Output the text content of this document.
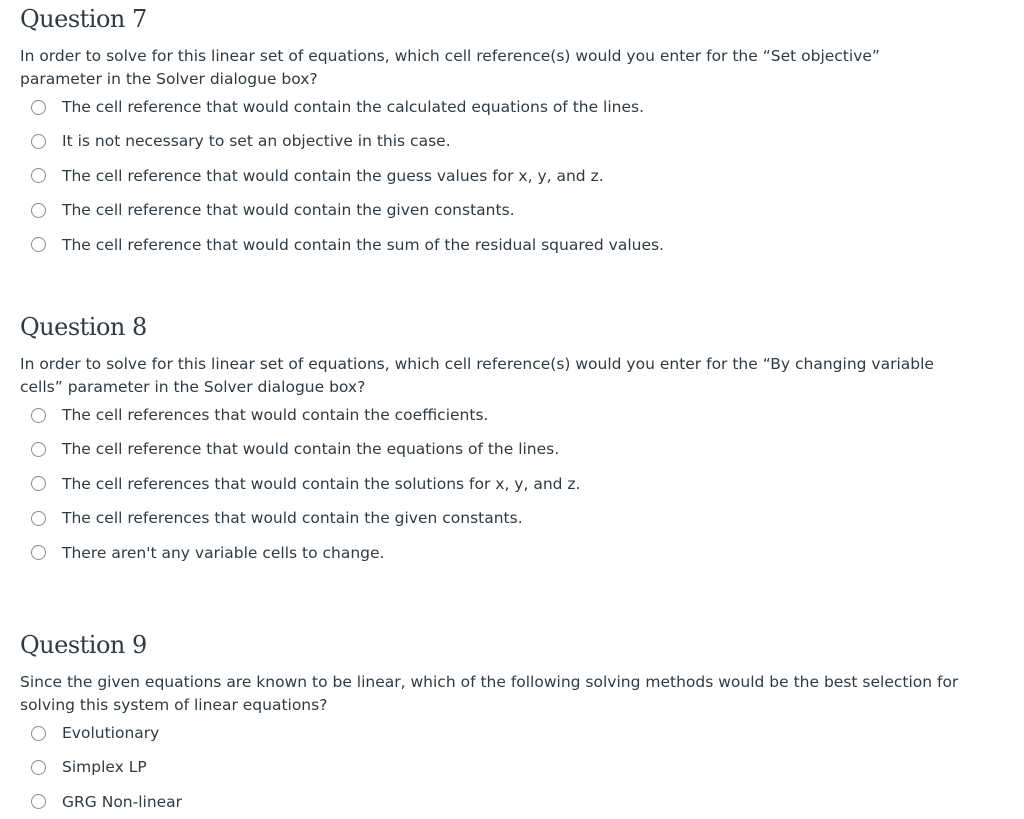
Question 7
In order to solve for this linear set of equations, which cell reference(s) would you enter for the “Set objective” parameter in the Solver dialogue box?
The cell reference that would contain the calculated equations of the lines.
It is not necessary to set an objective in this case.
The cell reference that would contain the guess values for x, y, and z.
The cell reference that would contain the given constants.
The cell reference that would contain the sum of the residual squared values.
Question 8
In order to solve for this linear set of equations, which cell reference(s) would you enter for the “By changing variable cells” parameter in the Solver dialogue box?
The cell references that would contain the coefficients.
The cell reference that would contain the equations of the lines.
The cell references that would contain the solutions for x, y, and z.
The cell references that would contain the given constants.
There aren't any variable cells to change.
Question 9
Since the given equations are known to be linear, which of the following solving methods would be the best selection for solving this system of linear equations?
Evolutionary
Simplex LP
GRG Non-linear
